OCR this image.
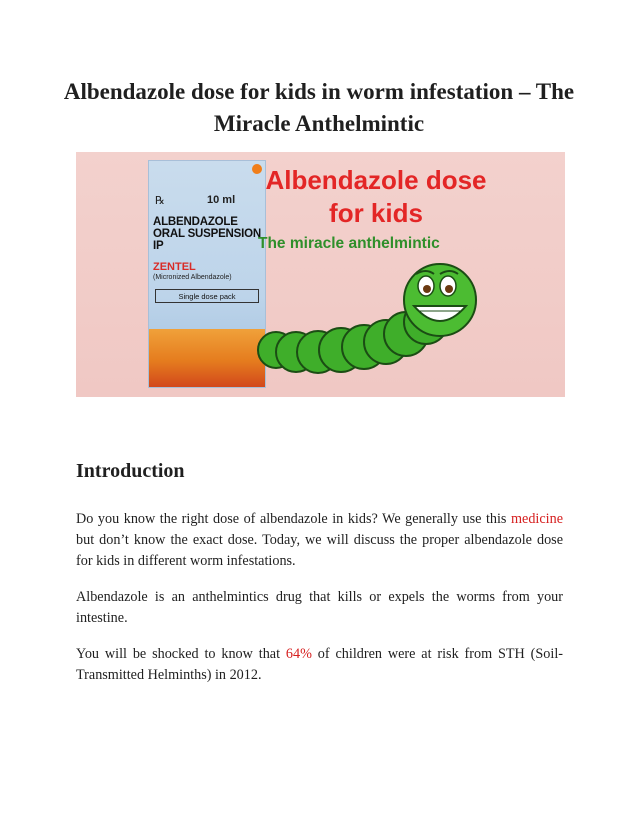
Albendazole dose for kids in worm infestation – The Miracle Anthelmintic
℞	10 ml
ALBENDAZOLE ORAL SUSPENSION IP
ZENTEL
(Micronized Albendazole)
Single dose pack
Albendazole dose for kids
The miracle anthelmintic
Introduction

Do you know the right dose of albendazole in kids? We generally use this medicine but don’t know the exact dose. Today, we will discuss the proper albendazole dose for kids in different worm infestations.

Albendazole is an anthelmintics drug that kills or expels the worms from your intestine.

You will be shocked to know that 64% of children were at risk from STH (Soil-Transmitted Helminths) in 2012.
